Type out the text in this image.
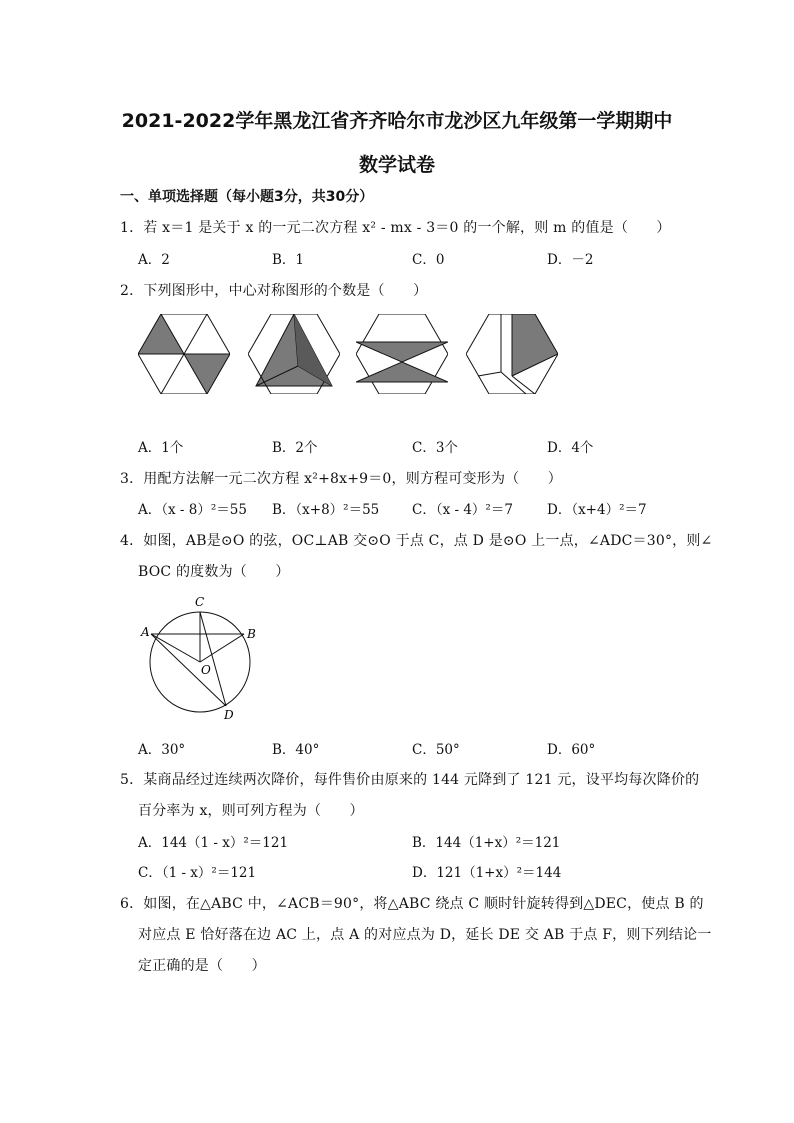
2021-2022学年黑龙江省齐齐哈尔市龙沙区九年级第一学期期中
数学试卷
一、单项选择题（每小题3分，共30分）
1．若 x＝1 是关于 x 的一元二次方程 x² - mx - 3＝0 的一个解，则 m 的值是（　　）
A．2	B．1	C．0	D．－2
2．下列图形中，中心对称图形的个数是（　　）
A．1个	B．2个	C．3个	D．4个
3．用配方法解一元二次方程 x²+8x+9＝0，则方程可变形为（　　）
A．（x - 8）²＝55 B．（x+8）²＝55 C．（x - 4）²＝7	D．（x+4）²＝7
4．如图，AB是⊙O 的弦，OC⊥AB 交⊙O 于点 C，点 D 是⊙O 上一点，∠ADC＝30°，则∠
BOC 的度数为（　　）
C
A	B
O
D
A．30°	B．40°	C．50°	D．60°
5．某商品经过连续两次降价，每件售价由原来的 144 元降到了 121 元，设平均每次降价的
百分率为 x，则可列方程为（　　）
A．144（1 - x）²＝121	B．144（1+x）²＝121
C．（1 - x）²＝121	D．121（1+x）²＝144
6．如图，在△ABC 中，∠ACB＝90°，将△ABC 绕点 C 顺时针旋转得到△DEC，使点 B 的
对应点 E 恰好落在边 AC 上，点 A 的对应点为 D，延长 DE 交 AB 于点 F，则下列结论一
定正确的是（　　）
